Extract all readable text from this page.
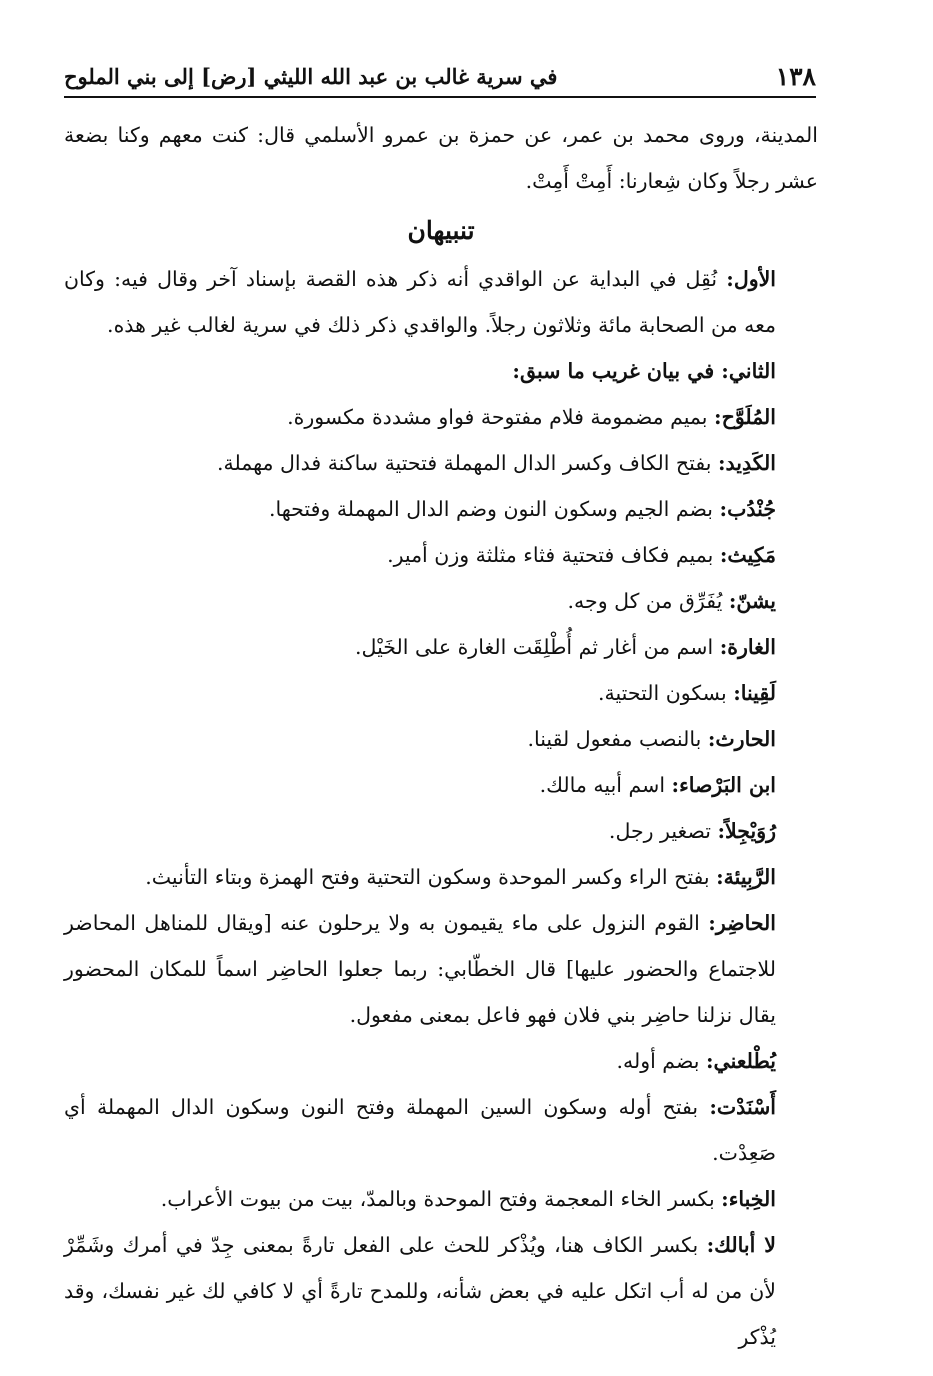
١٣٨
في سرية غالب بن عبد الله الليثي [رض] إلى بني الملوح

المدينة، وروى محمد بن عمر، عن حمزة بن عمرو الأسلمي قال: كنت معهم وكنا بضعة عشر رجلاً وكان شِعارنا: أَمِتْ أَمِتْ.

تنبيهان

الأول: نُقِل في البداية عن الواقدي أنه ذكر هذه القصة بإسناد آخر وقال فيه: وكان معه من الصحابة مائة وثلاثون رجلاً. والواقدي ذكر ذلك في سرية لغالب غير هذه.

الثاني: في بيان غريب ما سبق:

المُلَوَّح: بميم مضمومة فلام مفتوحة فواو مشددة مكسورة.

الكَدِيد: بفتح الكاف وكسر الدال المهملة فتحتية ساكنة فدال مهملة.

جُنْدُب: بضم الجيم وسكون النون وضم الدال المهملة وفتحها.

مَكِيث: بميم فكاف فتحتية فثاء مثلثة وزن أمير.

يشنّ: يُفَرِّق من كل وجه.

الغارة: اسم من أغار ثم أُطْلِقَت الغارة على الخَيْل.

لَقِينا: بسكون التحتية.

الحارث: بالنصب مفعول لقينا.

ابن البَرْصاء: اسم أبيه مالك.

رُوَيْجِلاً: تصغير رجل.

الرَّبِيئة: بفتح الراء وكسر الموحدة وسكون التحتية وفتح الهمزة وبتاء التأنيث.

الحاضِر: القوم النزول على ماء يقيمون به ولا يرحلون عنه [ويقال للمناهل المحاضر للاجتماع والحضور عليها] قال الخطّابي: ربما جعلوا الحاضِر اسماً للمكان المحضور يقال نزلنا حاضِر بني فلان فهو فاعل بمعنى مفعول.

يُطْلعني: بضم أوله.

أَسْنَدْت: بفتح أوله وسكون السين المهملة وفتح النون وسكون الدال المهملة أي صَعِدْت.

الخِباء: بكسر الخاء المعجمة وفتح الموحدة وبالمدّ، بيت من بيوت الأعراب.

لا أبالك: بكسر الكاف هنا، ويُذْكر للحث على الفعل تارةً بمعنى جِدّ في أمرك وشَمِّرْ لأن من له أب اتكل عليه في بعض شأنه، وللمدح تارةً أي لا كافي لك غير نفسك، وقد يُذْكر
